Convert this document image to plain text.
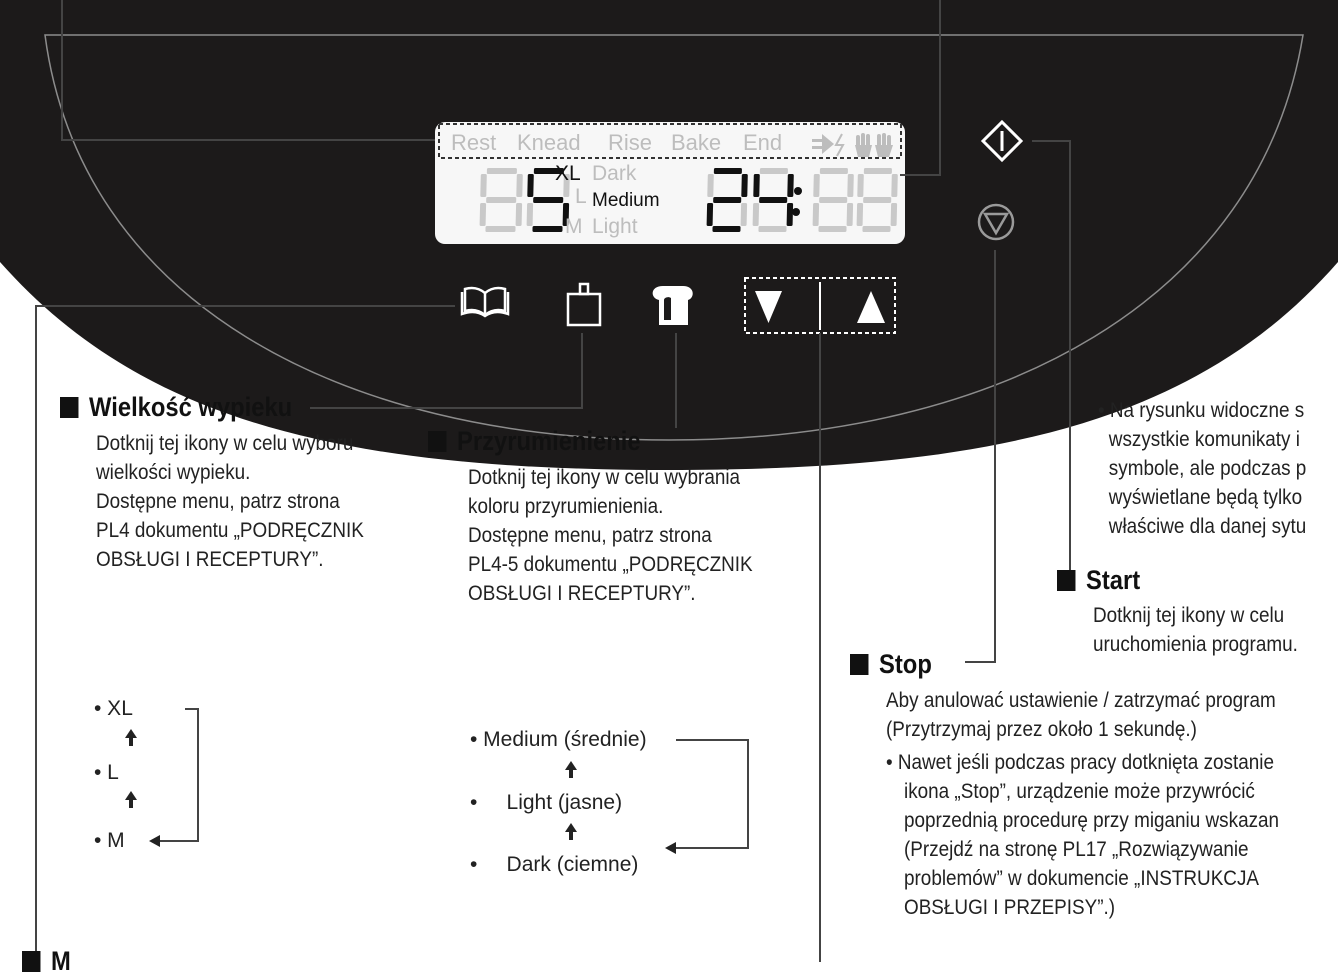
Rest Knead Rise Bake End
XL
L
M
Dark
Medium
Light

• Na rysunku widoczne s

wszystkie komunikaty i

symbole, ale podczas p

wyświetlane będą tylko

właściwe dla danej sytu

Wielkość wypieku

Dotknij tej ikony w celu wyboru

wielkości wypieku.

Dostępne menu, patrz strona

PL4 dokumentu „PODRĘCZNIK

OBSŁUGI I RECEPTURY”.

• XL
• L
• M
Przyrumienienie

Dotknij tej ikony w celu wybrania

koloru przyrumienienia.

Dostępne menu, patrz strona

PL4-5 dokumentu „PODRĘCZNIK

OBSŁUGI I RECEPTURY”.

• Medium (średnie)
•     Light (jasne)
•     Dark (ciemne)
Start

Dotknij tej ikony w celu

uruchomienia programu.

Stop

Aby anulować ustawienie / zatrzymać program

(Przytrzymaj przez około 1 sekundę.)

• Nawet jeśli podczas pracy dotknięta zostanie

ikona „Stop”, urządzenie może przywrócić

poprzednią procedurę przy miganiu wskazan

(Przejdź na stronę PL17 „Rozwiązywanie

problemów” w dokumencie „INSTRUKCJA

OBSŁUGI I PRZEPISY”.)

M
